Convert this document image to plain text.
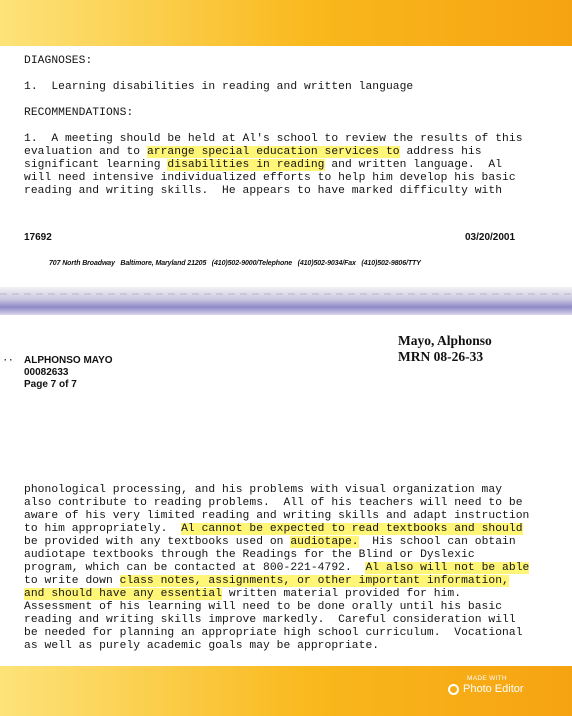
DIAGNOSES:
1.  Learning disabilities in reading and written language
RECOMMENDATIONS:
1.  A meeting should be held at Al's school to review the results of this
evaluation and to arrange special education services to address his
significant learning disabilities in reading and written language.  Al
will need intensive individualized efforts to help him develop his basic
reading and writing skills.  He appears to have marked difficulty with
17692	03/20/2001
707 North Broadway   Baltimore, Maryland 21205   (410)502-9000/Telephone   (410)502-9034/Fax   (410)502-9806/TTY
Mayo, Alphonso
MRN 08-26-33
· · ALPHONSO MAYO
00082633
Page 7 of 7
phonological processing, and his problems with visual organization may
also contribute to reading problems.  All of his teachers will need to be
aware of his very limited reading and writing skills and adapt instruction
to him appropriately.  Al cannot be expected to read textbooks and should
be provided with any textbooks used on audiotape.  His school can obtain
audiotape textbooks through the Readings for the Blind or Dyslexic
program, which can be contacted at 800-221-4792.  Al also will not be able
to write down class notes, assignments, or other important information,
and should have any essential written material provided for him.
Assessment of his learning will need to be done orally until his basic
reading and writing skills improve markedly.  Careful consideration will
be needed for planning an appropriate high school curriculum.  Vocational
as well as purely academic goals may be appropriate.
MADE WITH
Photo Editor
